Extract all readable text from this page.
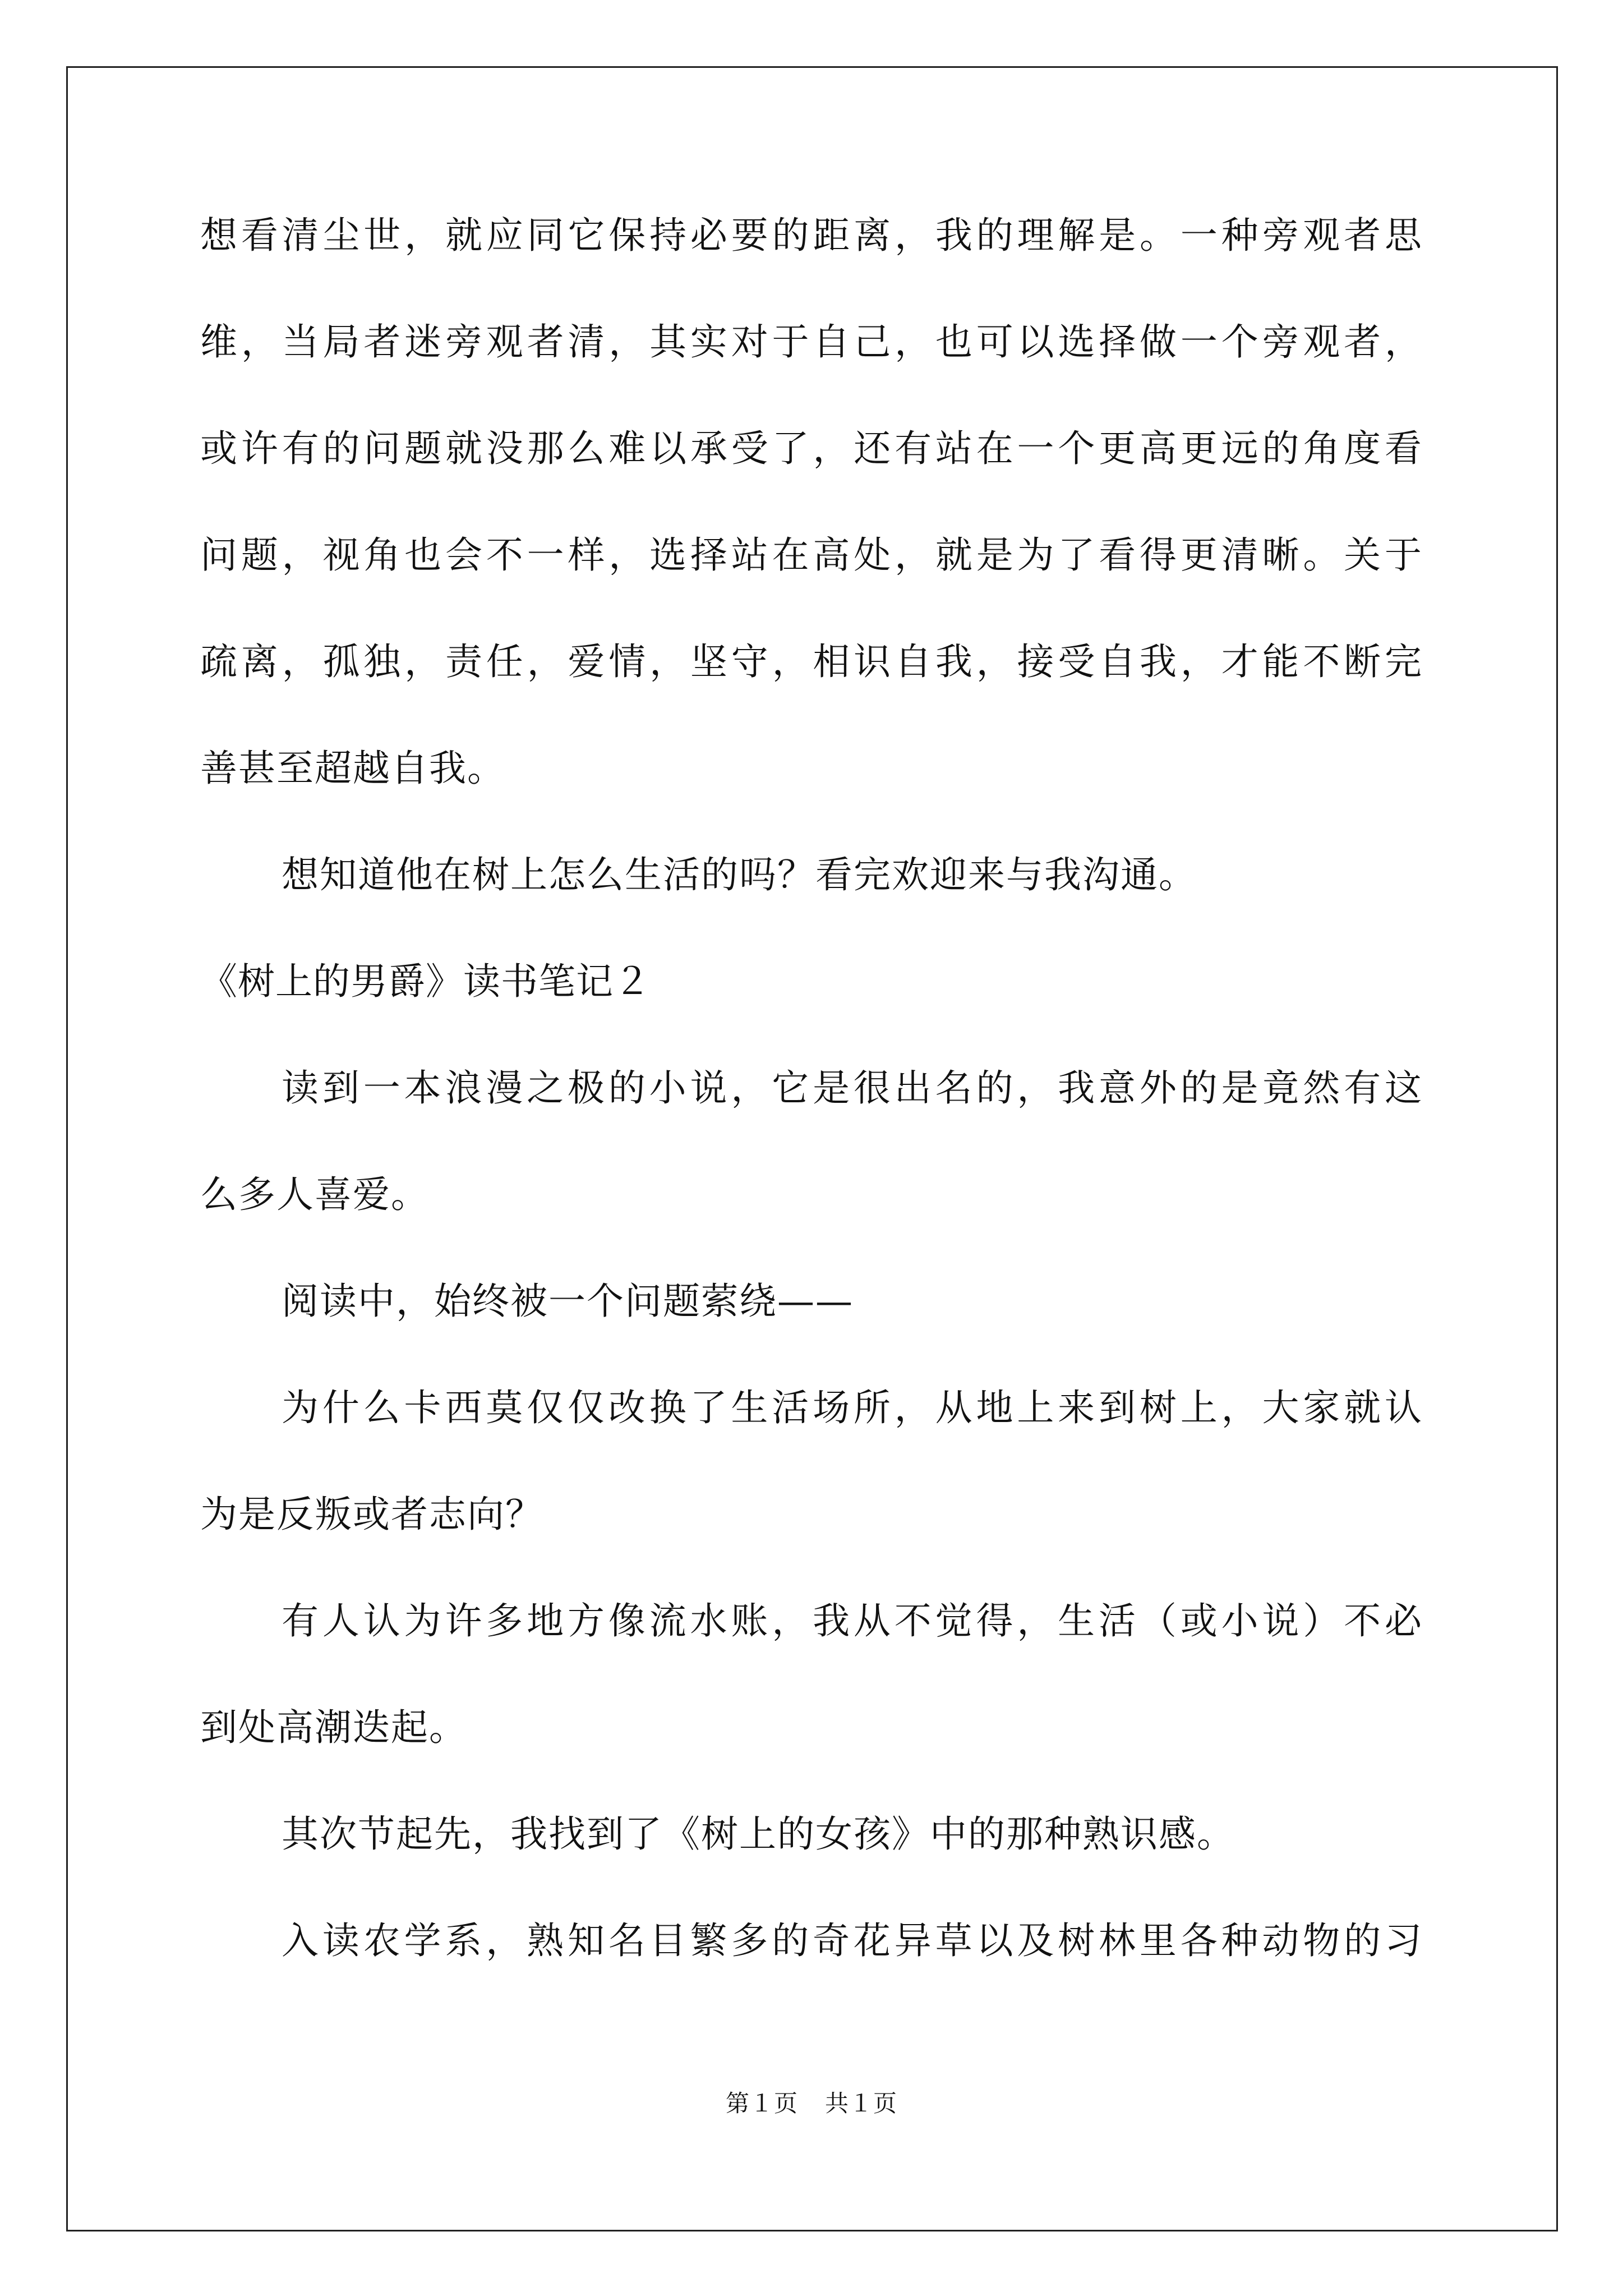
想看清尘世，就应同它保持必要的距离，我的理解是。一种旁观者思
维，当局者迷旁观者清，其实对于自己，也可以选择做一个旁观者，
或许有的问题就没那么难以承受了，还有站在一个更高更远的角度看
问题，视角也会不一样，选择站在高处，就是为了看得更清晰。关于
疏离，孤独，责任，爱情，坚守，相识自我，接受自我，才能不断完
善甚至超越自我。
想知道他在树上怎么生活的吗？看完欢迎来与我沟通。
《树上的男爵》读书笔记２
读到一本浪漫之极的小说，它是很出名的，我意外的是竟然有这
么多人喜爱。
阅读中，始终被一个问题萦绕——
为什么卡西莫仅仅改换了生活场所，从地上来到树上，大家就认
为是反叛或者志向？
有人认为许多地方像流水账，我从不觉得，生活（或小说）不必
到处高潮迭起。
其次节起先，我找到了《树上的女孩》中的那种熟识感。
入读农学系，熟知名目繁多的奇花异草以及树林里各种动物的习
第１页 共１页
